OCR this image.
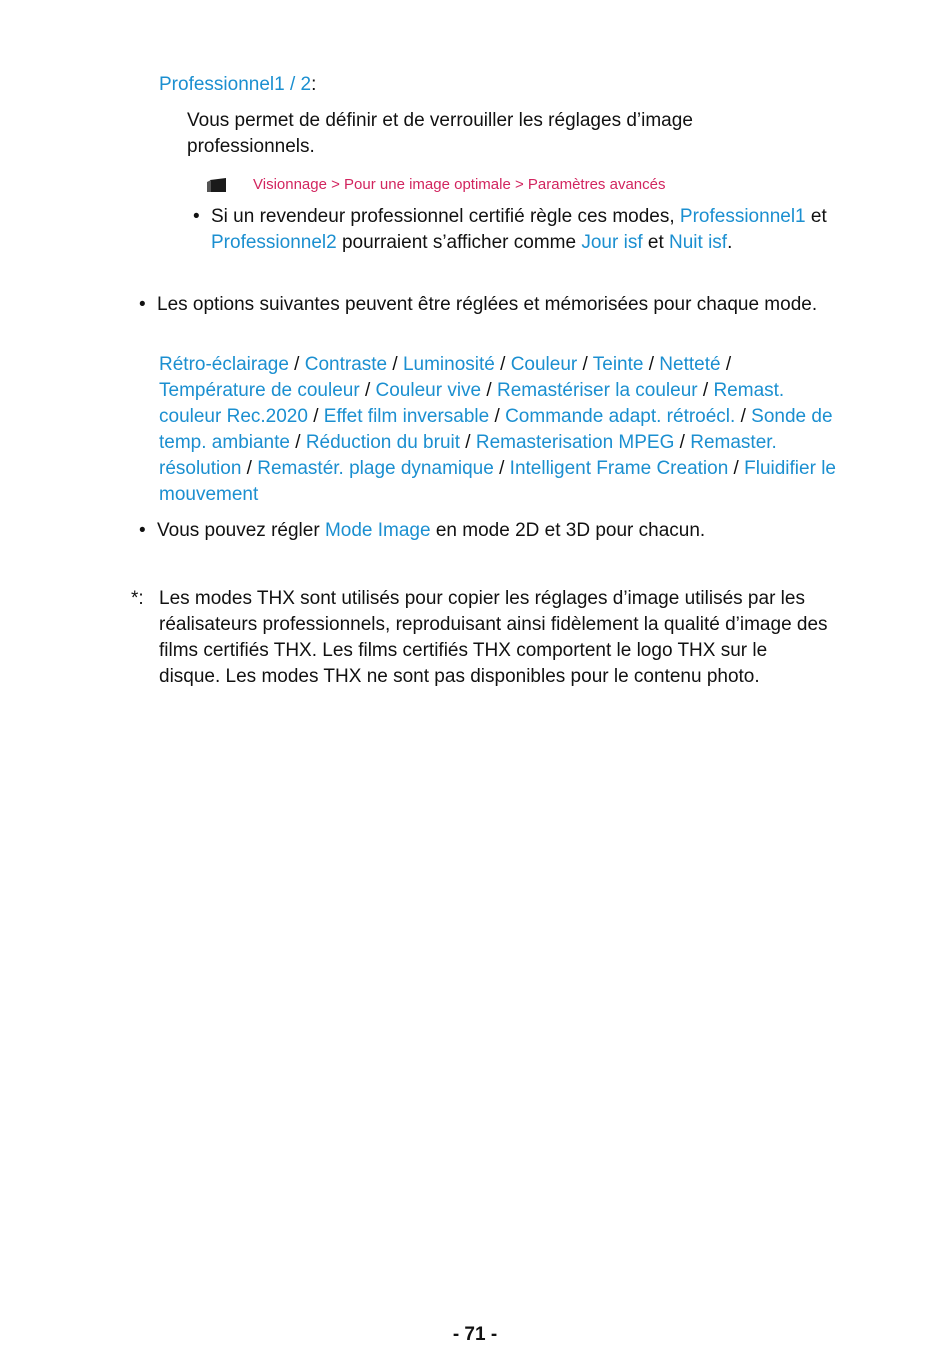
Professionnel1 / 2:
Vous permet de définir et de verrouiller les réglages d’image professionnels.
Visionnage > Pour une image optimale > Paramètres avancés
• Si un revendeur professionnel certifié règle ces modes, Professionnel1 et Professionnel2 pourraient s’afficher comme Jour isf et Nuit isf.
• Les options suivantes peuvent être réglées et mémorisées pour chaque mode.
Rétro-éclairage / Contraste / Luminosité / Couleur / Teinte / Netteté / Température de couleur / Couleur vive / Remastériser la couleur / Remast. couleur Rec.2020 / Effet film inversable / Commande adapt. rétroécl. / Sonde de temp. ambiante / Réduction du bruit / Remasterisation MPEG / Remaster. résolution / Remastér. plage dynamique / Intelligent Frame Creation / Fluidifier le mouvement
• Vous pouvez régler Mode Image en mode 2D et 3D pour chacun.
*: Les modes THX sont utilisés pour copier les réglages d’image utilisés par les réalisateurs professionnels, reproduisant ainsi fidèlement la qualité d’image des films certifiés THX. Les films certifiés THX comportent le logo THX sur le disque. Les modes THX ne sont pas disponibles pour le contenu photo.
- 71 -
